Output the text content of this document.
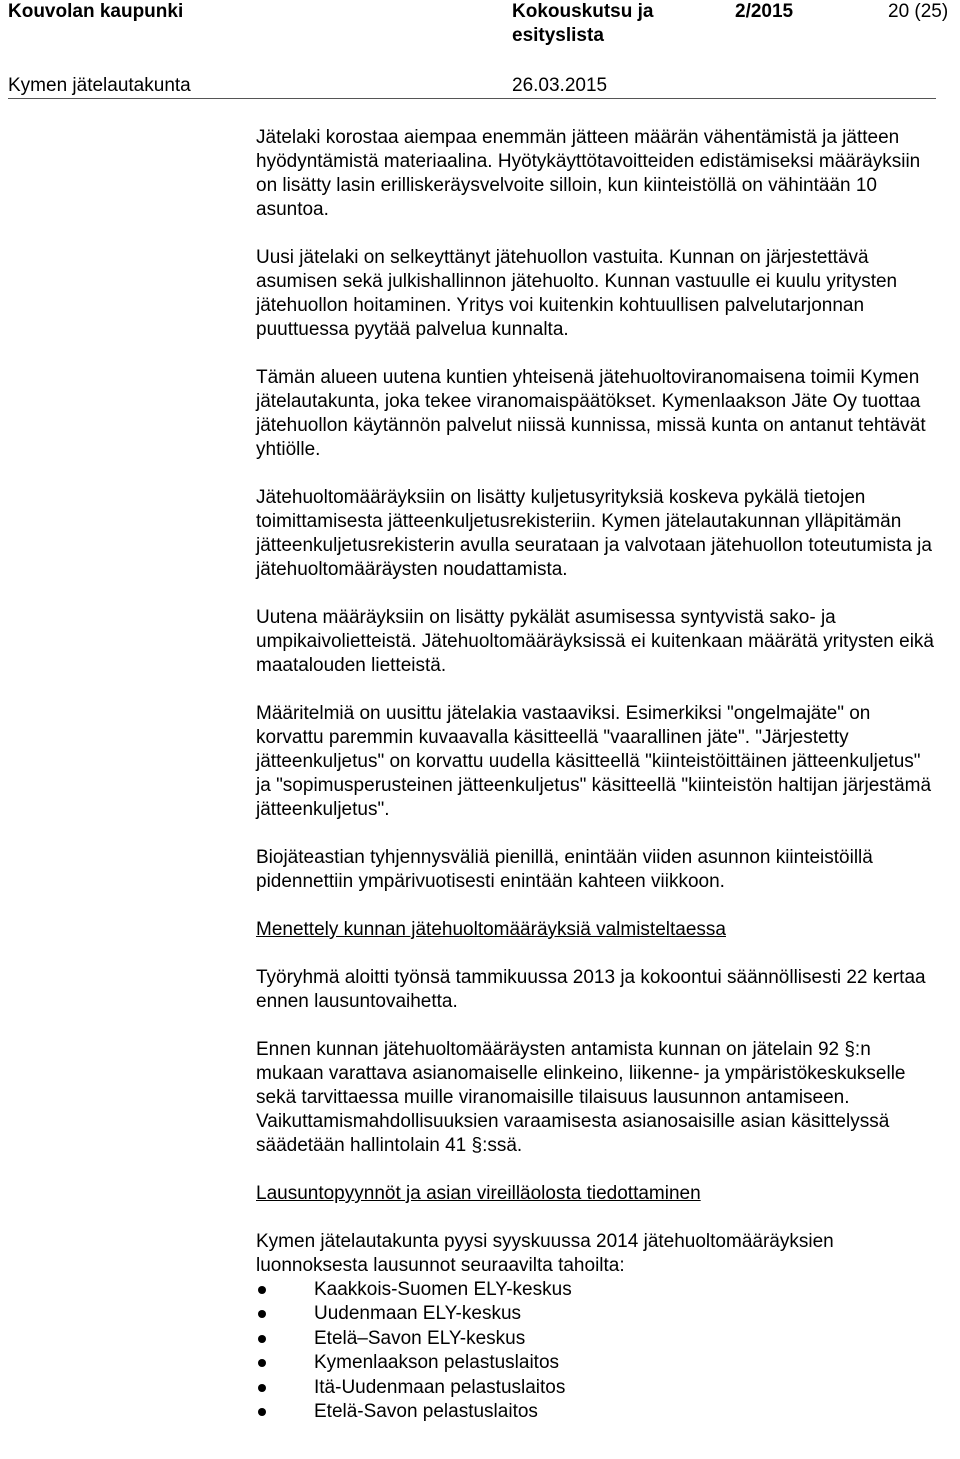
Kouvolan kaupunki	Kokouskutsu ja esityslista
2/2015	20 (25)
Kymen jätelautakunta	26.03.2015

Jätelaki korostaa aiempaa enemmän jätteen määrän vähentämistä ja jätteen hyödyntämistä materiaalina. Hyötykäyttötavoitteiden edistämiseksi määräyksiin on lisätty lasin erilliskeräysvelvoite silloin, kun kiinteistöllä on vähintään 10 asuntoa.

Uusi jätelaki on selkeyttänyt jätehuollon vastuita. Kunnan on järjestettävä asumisen sekä julkishallinnon jätehuolto. Kunnan vastuulle ei kuulu yritysten jätehuollon hoitaminen. Yritys voi kuitenkin kohtuullisen palvelutarjonnan puuttuessa pyytää palvelua kunnalta.

Tämän alueen uutena kuntien yhteisenä jätehuoltoviranomaisena toimii Kymen jätelautakunta, joka tekee viranomaispäätökset. Kymenlaakson Jäte Oy tuottaa jätehuollon käytännön palvelut niissä kunnissa, missä kunta on antanut tehtävät yhtiölle.

Jätehuoltomääräyksiin on lisätty kuljetusyrityksiä koskeva pykälä tietojen toimittamisesta jätteenkuljetusrekisteriin. Kymen jätelautakunnan ylläpitämän jätteenkuljetusrekisterin avulla seurataan ja valvotaan jätehuollon toteutumista ja jätehuoltomääräysten noudattamista.

Uutena määräyksiin on lisätty pykälät asumisessa syntyvistä sako- ja umpikaivolietteistä. Jätehuoltomääräyksissä ei kuitenkaan määrätä yritysten eikä maatalouden lietteistä.

Määritelmiä on uusittu jätelakia vastaaviksi. Esimerkiksi "ongelmajäte" on korvattu paremmin kuvaavalla käsitteellä "vaarallinen jäte". "Järjestetty jätteenkuljetus" on korvattu uudella käsitteellä "kiinteistöittäinen jätteenkuljetus" ja "sopimusperusteinen jätteenkuljetus" käsitteellä "kiinteistön haltijan järjestämä jätteenkuljetus".

Biojäteastian tyhjennysväliä pienillä, enintään viiden asunnon kiinteistöillä pidennettiin ympärivuotisesti enintään kahteen viikkoon.

Menettely kunnan jätehuoltomääräyksiä valmisteltaessa

Työryhmä aloitti työnsä tammikuussa 2013 ja kokoontui säännöllisesti 22 kertaa ennen lausuntovaihetta.

Ennen kunnan jätehuoltomääräysten antamista kunnan on jätelain 92 §:n mukaan varattava asianomaiselle elinkeino, liikenne- ja ympäristökeskukselle sekä tarvittaessa muille viranomaisille tilaisuus lausunnon antamiseen. Vaikuttamismahdollisuuksien varaamisesta asianosaisille asian käsittelyssä säädetään hallintolain 41 §:ssä.

Lausuntopyynnöt ja asian vireilläolosta tiedottaminen

Kymen jätelautakunta pyysi syyskuussa 2014 jätehuoltomääräyksien luonnoksesta lausunnot seuraavilta tahoilta:

Kaakkois-Suomen ELY-keskus
Uudenmaan ELY-keskus
Etelä–Savon ELY-keskus
Kymenlaakson pelastuslaitos
Itä-Uudenmaan pelastuslaitos
Etelä-Savon pelastuslaitos
